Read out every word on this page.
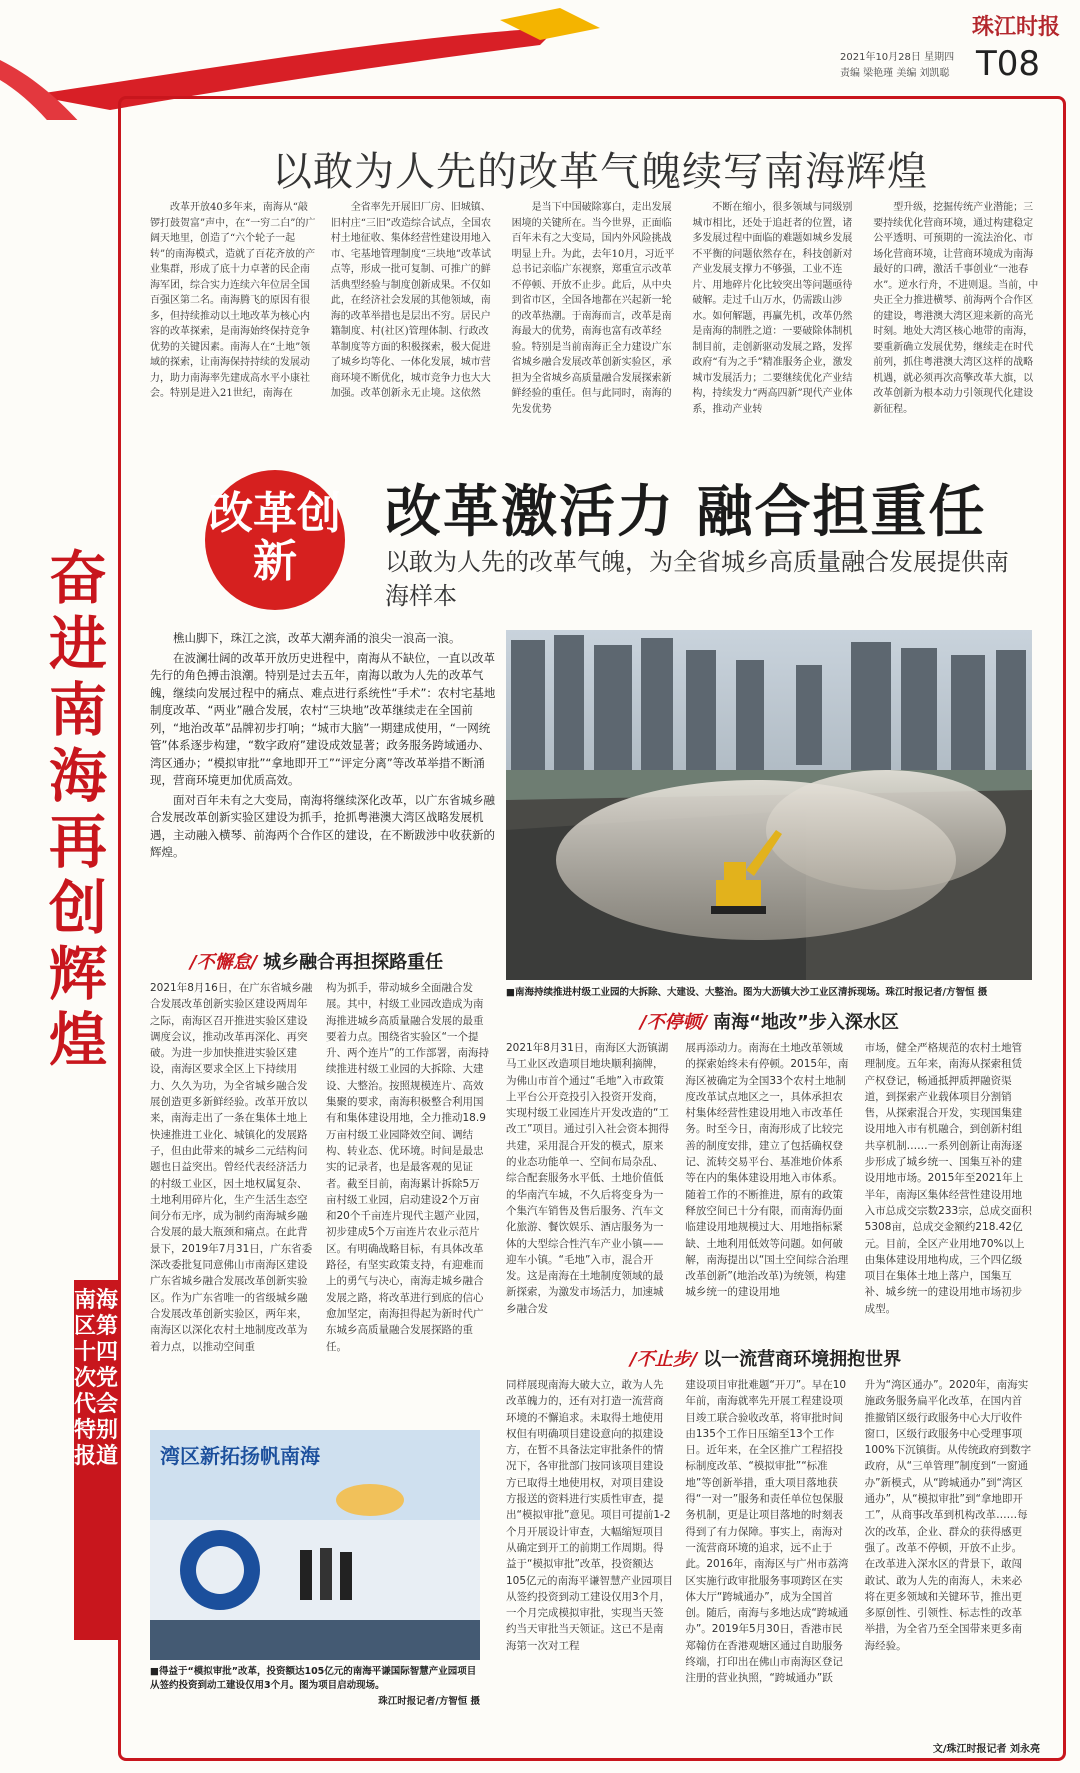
珠江时报
2021年10月28日 星期四
责编 梁艳瑾 美编 刘凯聪 T08
奋进南海 再创辉煌
南海区第十四次党代会特别报道
以敢为人先的改革气魄续写南海辉煌
改革开放40多年来，南海从“敲锣打鼓贺富”声中，在“一穷二白”的广阔天地里，创造了“六个轮子一起转”的南海模式，造就了百花齐放的产业集群，形成了底十力卓著的民企南海军团，综合实力连续六年位居全国百强区第二名。南海腾飞的原因有很多，但持续推动以土地改革为核心内容的改革探索，是南海始终保持竞争优势的关键因素。南海人在“土地”领域的探索，让南海保持持续的发展动力，助力南海率先建成高水平小康社会。特别是进入21世纪，南海在
全省率先开展旧厂房、旧城镇、旧村庄“三旧”改造综合试点，全国农村土地征收、集体经营性建设用地入市、宅基地管理制度“三块地”改革试点等，形成一批可复制、可推广的鲜活典型经验与制度创新成果。不仅如此，在经济社会发展的其他领域，南海的改革举措也是层出不穷。居民户籍制度、村(社区)管理体制、行政改革制度等方面的积极探索，极大促进了城乡均等化、一体化发展，城市营商环境不断优化，城市竞争力也大大加强。改革创新永无止境。这依然
是当下中国破除寡白，走出发展困境的关键所在。当今世界，正面临百年未有之大变局，国内外风险挑战明显上升。为此，去年10月，习近平总书记亲临广东视察，郑重宣示改革不停顿、开放不止步。此后，从中央到省市区，全国各地都在兴起新一轮的改革热潮。于南海而言，改革是南海最大的优势，南海也富有改革经验。特别是当前南海正全力建设广东省城乡融合发展改革创新实验区，承担为全省城乡高质量融合发展探索新鲜经验的重任。但与此同时，南海的先发优势
不断在缩小，很多领域与同级别城市相比，还处于追赶者的位置，诸多发展过程中面临的难题如城乡发展不平衡的问题依然存在，科技创新对产业发展支撑力不够强，工业不连片、用地碎片化比较突出等问题亟待破解。走过千山万水，仍需跋山涉水。如何解题，再赢先机，改革仍然是南海的制胜之道：一要破除体制机制目前，走创新驱动发展之路，发挥政府“有为之手”精准服务企业，激发城市发展活力；二要继续优化产业结构，持续发力“两高四新”现代产业体系，推动产业转
型升级，挖掘传统产业潜能；三要持续优化营商环境，通过构建稳定公平透明、可预期的一流法治化、市场化营商环境，让营商环境成为南海最好的口碑，激活千事创业“一池春水”。逆水行舟，不进则退。当前，中央正全力推进横琴、前海两个合作区的建设，粤港澳大湾区迎来新的高光时刻。地处大湾区核心地带的南海，要重新确立发展优势，继续走在时代前列，抓住粤港澳大湾区这样的战略机遇，就必须再次高擎改革大旗，以改革创新为根本动力引领现代化建设新征程。
改革创新
改革激活力 融合担重任
以敢为人先的改革气魄，为全省城乡高质量融合发展提供南海样本

樵山脚下，珠江之滨，改革大潮奔涌的浪尖一浪高一浪。

在波澜壮阔的改革开放历史进程中，南海从不缺位，一直以改革先行的角色搏击浪潮。特别是过去五年，南海以敢为人先的改革气魄，继续向发展过程中的痛点、难点进行系统性“手术”：农村宅基地制度改革、“两业”融合发展，农村“三块地”改革继续走在全国前列，“地治改革”品牌初步打响；“城市大脑”一期建成使用，“一网统管”体系逐步构建，“数字政府”建设成效显著；政务服务跨域通办、湾区通办；“模拟审批”“拿地即开工”“评定分离”等改革举措不断涌现，营商环境更加优质高效。

面对百年未有之大变局，南海将继续深化改革，以广东省城乡融合发展改革创新实验区建设为抓手，抢抓粤港澳大湾区战略发展机遇，主动融入横琴、前海两个合作区的建设，在不断跋涉中收获新的辉煌。

■南海持续推进村级工业园的大拆除、大建设、大整治。图为大沥镇大沙工业区清拆现场。珠江时报记者/方智恒 摄
/不懈怠/ 城乡融合再担探路重任
2021年8月16日，在广东省城乡融合发展改革创新实验区建设两周年之际，南海区召开推进实验区建设调度会议，推动改革再深化、再突破。为进一步加快推进实验区建设，南海区要求全区上下持续用力、久久为功，为全省城乡融合发展创造更多新鲜经验。改革开放以来，南海走出了一条在集体土地上快速推进工业化、城镇化的发展路子，但由此带来的城乡二元结构问题也日益突出。曾经代表经济活力的村级工业区，因土地权属复杂、土地利用碎片化，生产生活生态空间分布无序，成为制约南海城乡融合发展的最大瓶颈和痛点。在此背景下，2019年7月31日，广东省委深改委批复同意佛山市南海区建设广东省城乡融合发展改革创新实验区。作为广东省唯一的省级城乡融合发展改革创新实验区，两年来，南海区以深化农村土地制度改革为着力点，以推动空间重
构为抓手，带动城乡全面融合发展。其中，村级工业园改造成为南海推进城乡高质量融合发展的最重要着力点。围绕省实验区“一个提升、两个连片”的工作部署，南海持续推进村级工业园的大拆除、大建设、大整治。按照规模连片、高效集聚的要求，南海积极整合利用国有和集体建设用地，全力推动18.9万亩村级工业园降效空间、调结构、转业态、优环境。时间是最忠实的记录者，也是最客观的见证者。截至目前，南海累计拆除5万亩村级工业园，启动建设2个万亩和20个千亩连片现代主题产业园，初步建成5个万亩连片农业示范片区。有明确战略目标，有具体改革路径，有坚实政策支持，有迎难而上的勇气与决心，南海走城乡融合发展之路，将改革进行到底的信心愈加坚定，南海担得起为新时代广东城乡高质量融合发展探路的重任。
/不停顿/ 南海“地改”步入深水区
2021年8月31日，南海区大沥镇湖马工业区改造项目地块顺利摘牌，为佛山市首个通过“毛地”入市政策上平台公开竞投引入投资开发商，实现村级工业园连片开发改造的“工改工”项目。通过引入社会资本拥得共建，采用混合开发的模式，原来的业态功能单一、空间布局杂乱、综合配套服务水平低、土地价值低的华南汽车城，不久后将变身为一个集汽车销售及售后服务、汽车文化旅游、餐饮娱乐、酒店服务为一体的大型综合性汽车产业小镇——迎车小镇。“毛地”入市，混合开发。这是南海在土地制度领域的最新探索，为激发市场活力，加速城乡融合发
展再添动力。南海在土地改革领域的探索始终未有停顿。2015年，南海区被确定为全国33个农村土地制度改革试点地区之一，具体承担农村集体经营性建设用地入市改革任务。时至今日，南海形成了比较完善的制度安排，建立了包括确权登记、流转交易平台、基准地价体系等在内的集体建设用地入市体系。随着工作的不断推进，原有的政策释放空间已十分有限，而南海仍面临建设用地规模过大、用地指标紧缺、土地利用低效等问题。如何破解，南海提出以“国土空间综合治理改革创新”(地治改革)为统领，构建城乡统一的建设用地
市场，健全严格规范的农村土地管理制度。五年来，南海从探索租赁产权登记，畅通抵押质押融资渠道，到探索产业载体项目分割销售，从探索混合开发，实现国集建设用地入市有机融合，到创新村组共享机制……一系列创新让南海逐步形成了城乡统一、国集互补的建设用地市场。2015年至2021年上半年，南海区集体经营性建设用地入市总成交宗数233宗，总成交面积5308亩，总成交金额约218.42亿元。目前，全区产业用地70%以上由集体建设用地构成，三个四亿级项目在集体土地上落户，国集互补、城乡统一的建设用地市场初步成型。
/不止步/ 以一流营商环境拥抱世界
同样展现南海大破大立，敢为人先改革魄力的，还有对打造一流营商环境的不懈追求。未取得土地使用权但有明确项目建设意向的拟建设方，在暂不具备法定审批条件的情况下，各审批部门按同该项目建设方已取得土地使用权，对项目建设方报送的资料进行实质性审查，提出“模拟审批”意见。项目可提前1-2个月开展设计审查，大幅缩短项目从确定到开工的前期工作周期。得益于“模拟审批”改革，投资额达105亿元的南海平谦智慧产业园项目从签约投资到动工建设仅用3个月，一个月完成模拟审批，实现当天签约当天审批当天领证。这已不是南海第一次对工程
建设项目审批难题“开刀”。早在10年前，南海就率先开展工程建设项目竣工联合验收改革，将审批时间由135个工作日压缩至13个工作日。近年来，在全区推广工程招投标制度改革、“模拟审批”“标准地”等创新举措，重大项目落地获得“一对一”服务和责任单位包保服务机制，更是让项目落地的时刻表得到了有力保障。事实上，南海对一流营商环境的追求，远不止于此。2016年，南海区与广州市荔湾区实施行政审批服务事项跨区在实体大厅“跨城通办”，成为全国首创。随后，南海与多地达成“跨城通办”。2019年5月30日，香港市民郑翰仿在香港观塘区通过自助服务终端，打印出在佛山市南海区登记注册的营业执照，“跨城通办”跃
升为“湾区通办”。2020年，南海实施政务服务扁平化改革，在国内首推撤销区级行政服务中心大厅收件窗口，区级行政服务中心受理事项100%下沉镇街。从传统政府到数字政府，从“三单管理”制度到“一窗通办”新模式，从“跨城通办”到“湾区通办”，从“模拟审批”到“拿地即开工”，从商事改革到机构改革……每次的改革，企业、群众的获得感更强了。改革不停顿，开放不止步。在改革进入深水区的背景下，敢闯敢试、敢为人先的南海人，未来必将在更多领域和关键环节，推出更多原创性、引领性、标志性的改革举措，为全省乃至全国带来更多南海经验。
湾区新拓扬帆南海
■得益于“模拟审批”改革，投资额达105亿元的南海平谦国际智慧产业园项目从签约投资到动工建设仅用3个月。图为项目启动现场。
珠江时报记者/方智恒 摄
文/珠江时报记者 刘永亮
